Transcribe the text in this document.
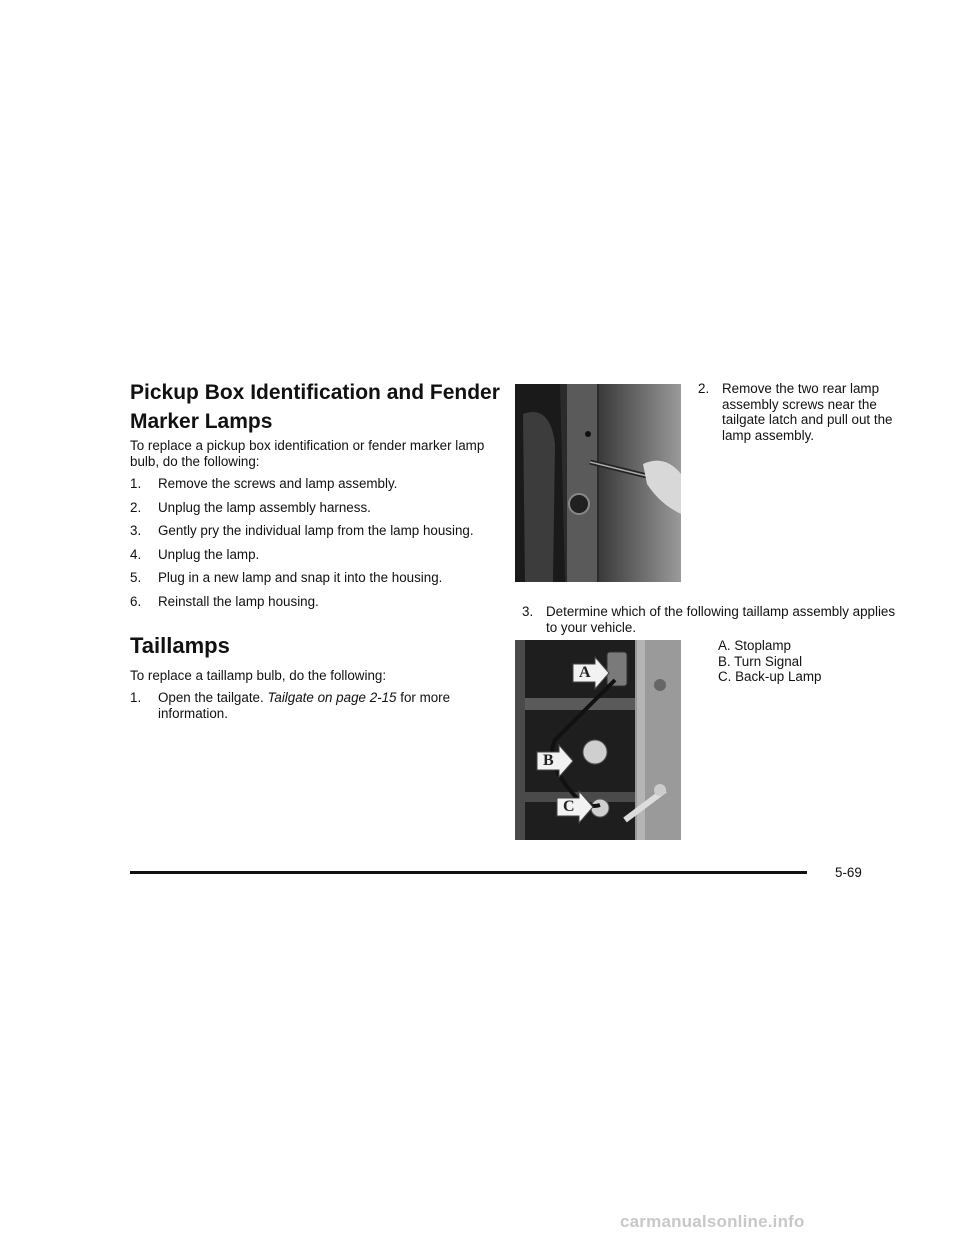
Pickup Box Identification and Fender Marker Lamps

To replace a pickup box identification or fender marker lamp bulb, do the following:

1. Remove the screws and lamp assembly.
2. Unplug the lamp assembly harness.
3. Gently pry the individual lamp from the lamp housing.
4. Unplug the lamp.
5. Plug in a new lamp and snap it into the housing.
6. Reinstall the lamp housing.
Taillamps

To replace a taillamp bulb, do the following:

1. Open the tailgate. Tailgate on page 2-15 for more information.
2. Remove the two rear lamp assembly screws near the tailgate latch and pull out the lamp assembly.
3. Determine which of the following taillamp assembly applies to your vehicle.
A
B
C
A. Stoplamp
B. Turn Signal
C. Back-up Lamp
5-69
carmanualsonline.info
